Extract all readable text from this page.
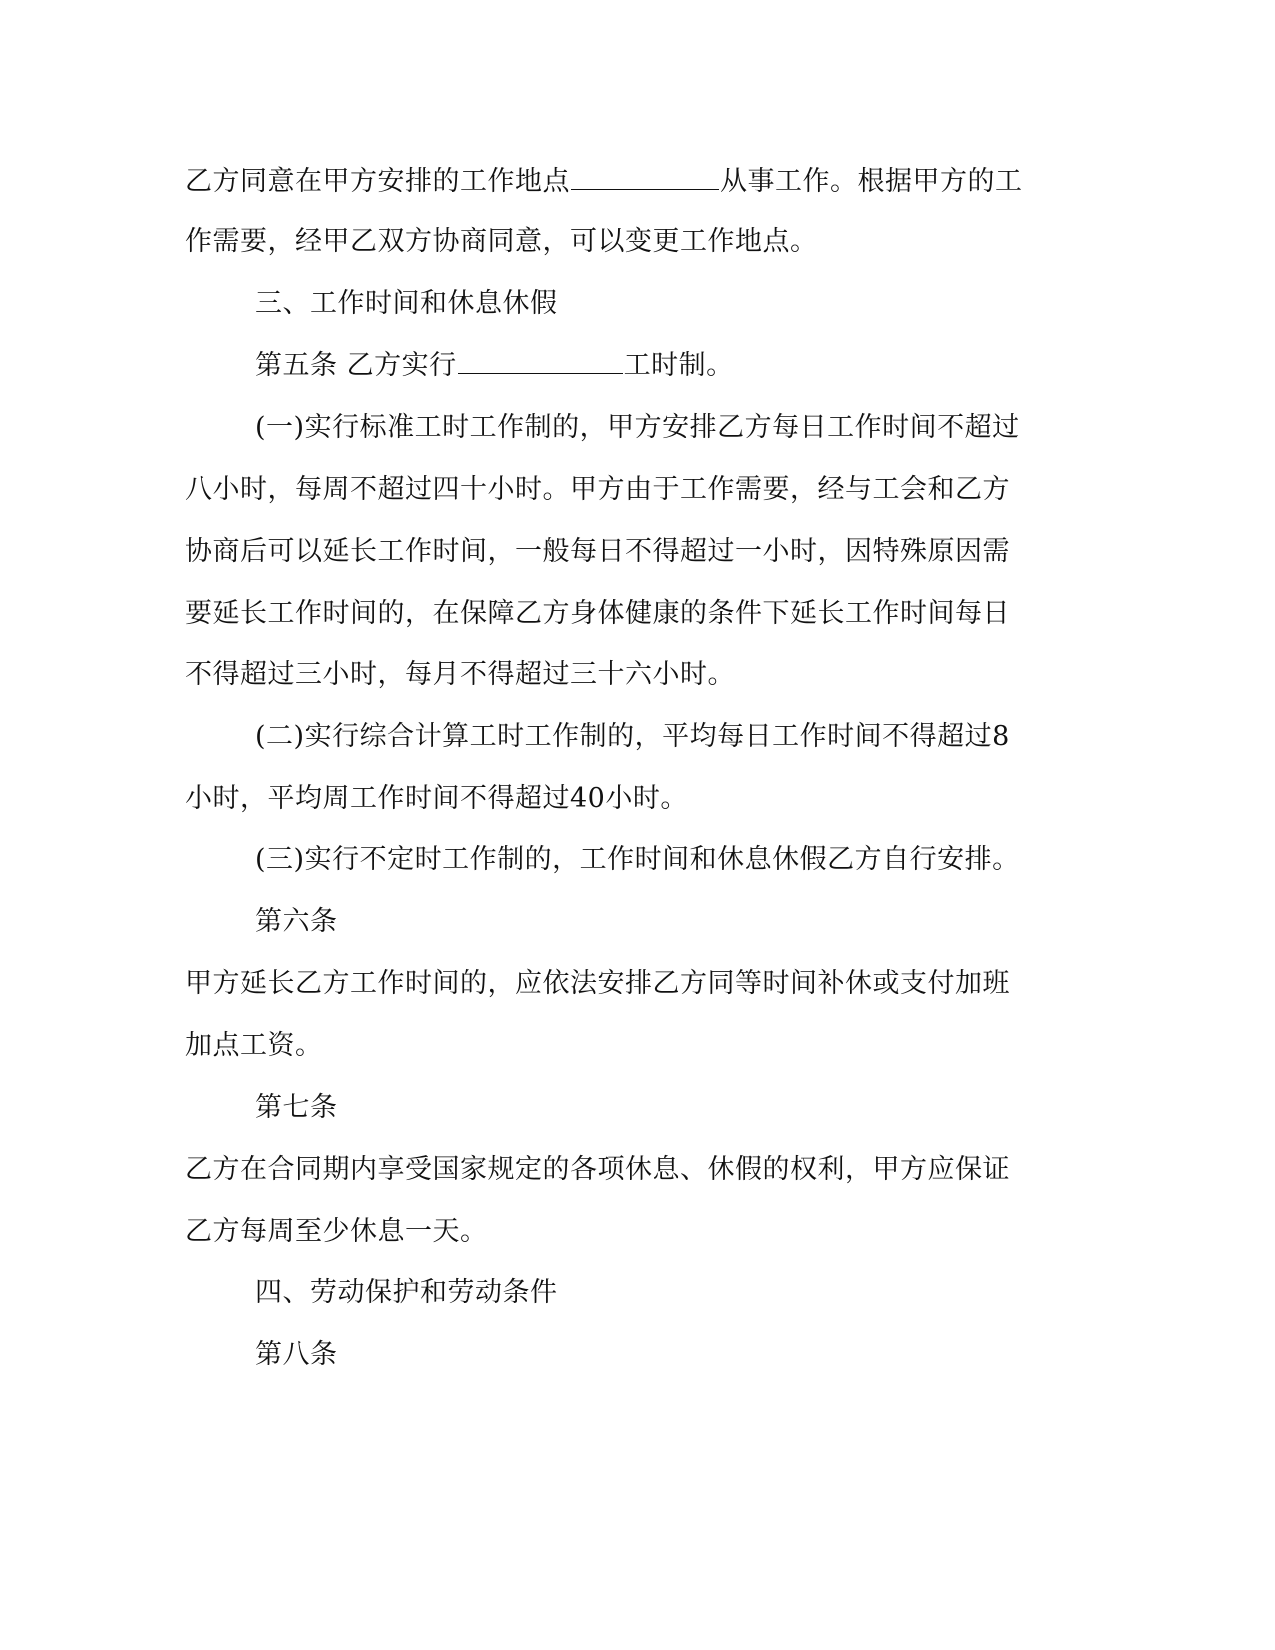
乙方同意在甲方安排的工作地点	从事工作。根据甲方的工
作需要，经甲乙双方协商同意，可以变更工作地点。
三、工作时间和休息休假
第五条 乙方实行	工时制。
(一)实行标准工时工作制的，甲方安排乙方每日工作时间不超过
八小时，每周不超过四十小时。甲方由于工作需要，经与工会和乙方
协商后可以延长工作时间，一般每日不得超过一小时，因特殊原因需
要延长工作时间的，在保障乙方身体健康的条件下延长工作时间每日
不得超过三小时，每月不得超过三十六小时。
(二)实行综合计算工时工作制的，平均每日工作时间不得超过8
小时，平均周工作时间不得超过40小时。
(三)实行不定时工作制的，工作时间和休息休假乙方自行安排。
第六条
甲方延长乙方工作时间的，应依法安排乙方同等时间补休或支付加班
加点工资。
第七条
乙方在合同期内享受国家规定的各项休息、休假的权利，甲方应保证
乙方每周至少休息一天。
四、劳动保护和劳动条件
第八条
